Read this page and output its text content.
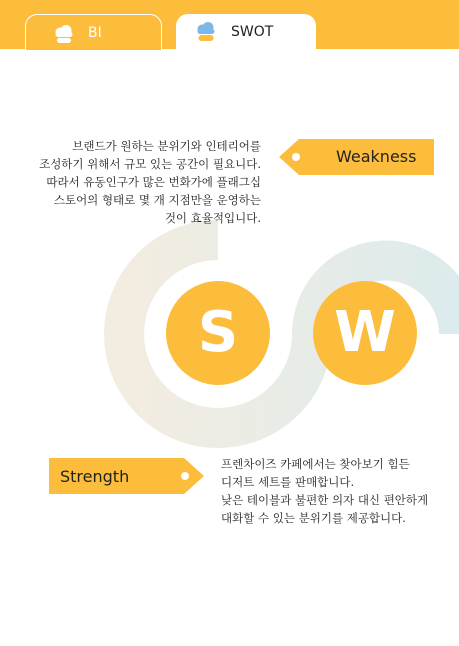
BI	SWOT
S	W
Weakness

브랜드가 원하는 분위기와 인테리어를

조성하기 위해서 규모 있는 공간이 필요니다.

따라서 유동인구가 많은 번화가에 플래그십

스토어의 형태로 몇 개 지점만을 운영하는

것이 효율적입니다.

Strength

프렌차이즈 카페에서는 찾아보기 힘든

디저트 세트를 판매합니다.

낮은 테이블과 불편한 의자 대신 편안하게

대화할 수 있는 분위기를 제공합니다.
